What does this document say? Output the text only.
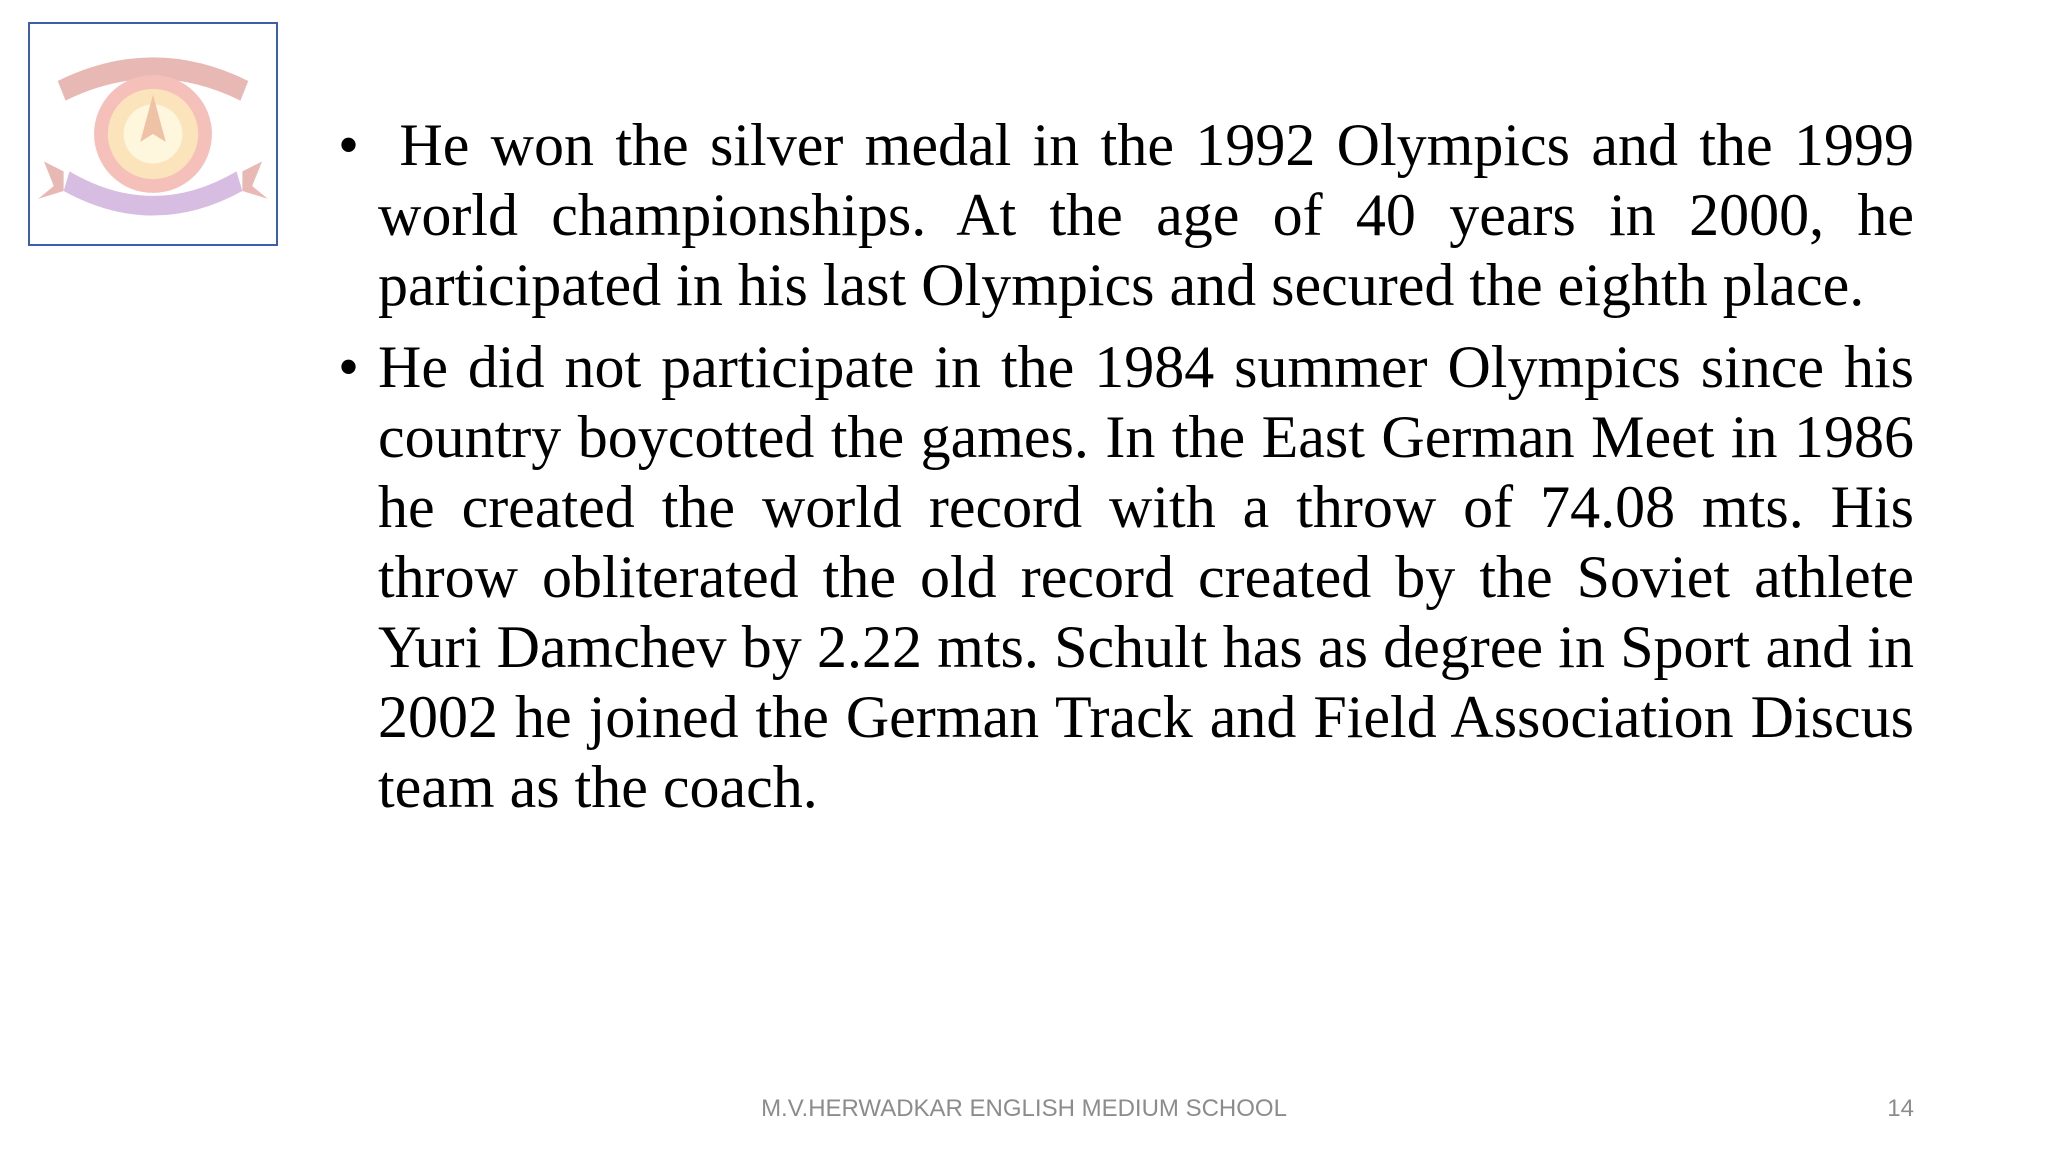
• He won the silver medal in the 1992 Olympics and the 1999 world championships. At the age of 40 years in 2000, he participated in his last Olympics and secured the eighth place.
• He did not participate in the 1984 summer Olympics since his country boycotted the games. In the East German Meet in 1986 he created the world record with a throw of 74.08 mts. His throw obliterated the old record created by the Soviet athlete Yuri Damchev by 2.22 mts. Schult has as degree in Sport and in 2002 he joined the German Track and Field Association Discus team as the coach.
M.V.HERWADKAR ENGLISH MEDIUM SCHOOL	14
